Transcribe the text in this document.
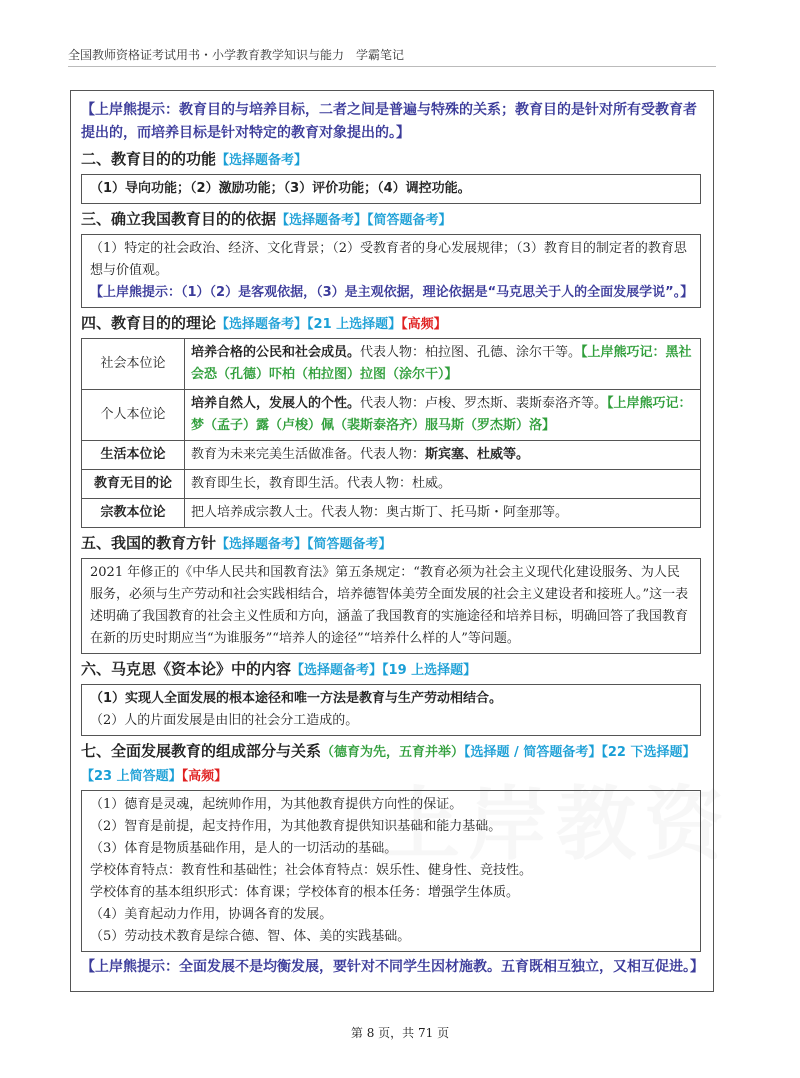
全国教师资格证考试用书・小学教育教学知识与能力　学霸笔记
上岸教资
【上岸熊提示：教育目的与培养目标，二者之间是普遍与特殊的关系；教育目的是针对所有受教育者提出的，而培养目标是针对特定的教育对象提出的。】
二、教育目的的功能【选择题备考】
（1）导向功能；（2）激励功能；（3）评价功能；（4）调控功能。
三、确立我国教育目的的依据【选择题备考】【简答题备考】
（1）特定的社会政治、经济、文化背景；（2）受教育者的身心发展规律；（3）教育目的制定者的教育思想与价值观。
【上岸熊提示：（1）（2）是客观依据，（3）是主观依据，理论依据是“马克思关于人的全面发展学说”。】
四、教育目的的理论【选择题备考】【21 上选择题】【高频】
社会本位论	培养合格的公民和社会成员。代表人物：柏拉图、孔德、涂尔干等。【上岸熊巧记：黑社会恐（孔德）吓柏（柏拉图）拉图（涂尔干）】
个人本位论	培养自然人，发展人的个性。代表人物：卢梭、罗杰斯、裴斯泰洛齐等。【上岸熊巧记：梦（孟子）露（卢梭）佩（裴斯泰洛齐）服马斯（罗杰斯）洛】
生活本位论	教育为未来完美生活做准备。代表人物：斯宾塞、杜威等。
教育无目的论	教育即生长，教育即生活。代表人物：杜威。
宗教本位论	把人培养成宗教人士。代表人物：奥古斯丁、托马斯・阿奎那等。
五、我国的教育方针【选择题备考】【简答题备考】
2021 年修正的《中华人民共和国教育法》第五条规定：“教育必须为社会主义现代化建设服务、为人民服务，必须与生产劳动和社会实践相结合，培养德智体美劳全面发展的社会主义建设者和接班人。”这一表述明确了我国教育的社会主义性质和方向，涵盖了我国教育的实施途径和培养目标，明确回答了我国教育在新的历史时期应当“为谁服务”“培养人的途径”“培养什么样的人”等问题。
六、马克思《资本论》中的内容【选择题备考】【19 上选择题】
（1）实现人全面发展的根本途径和唯一方法是教育与生产劳动相结合。
（2）人的片面发展是由旧的社会分工造成的。
七、全面发展教育的组成部分与关系（德育为先，五育并举）【选择题 / 简答题备考】【22 下选择题】【23 上简答题】【高频】
（1）德育是灵魂，起统帅作用，为其他教育提供方向性的保证。
（2）智育是前提，起支持作用，为其他教育提供知识基础和能力基础。
（3）体育是物质基础作用，是人的一切活动的基础。
学校体育特点：教育性和基础性；社会体育特点：娱乐性、健身性、竞技性。
学校体育的基本组织形式：体育课；学校体育的根本任务：增强学生体质。
（4）美育起动力作用，协调各育的发展。
（5）劳动技术教育是综合德、智、体、美的实践基础。
【上岸熊提示：全面发展不是均衡发展，要针对不同学生因材施教。五育既相互独立，又相互促进。】
第 8 页，共 71 页
